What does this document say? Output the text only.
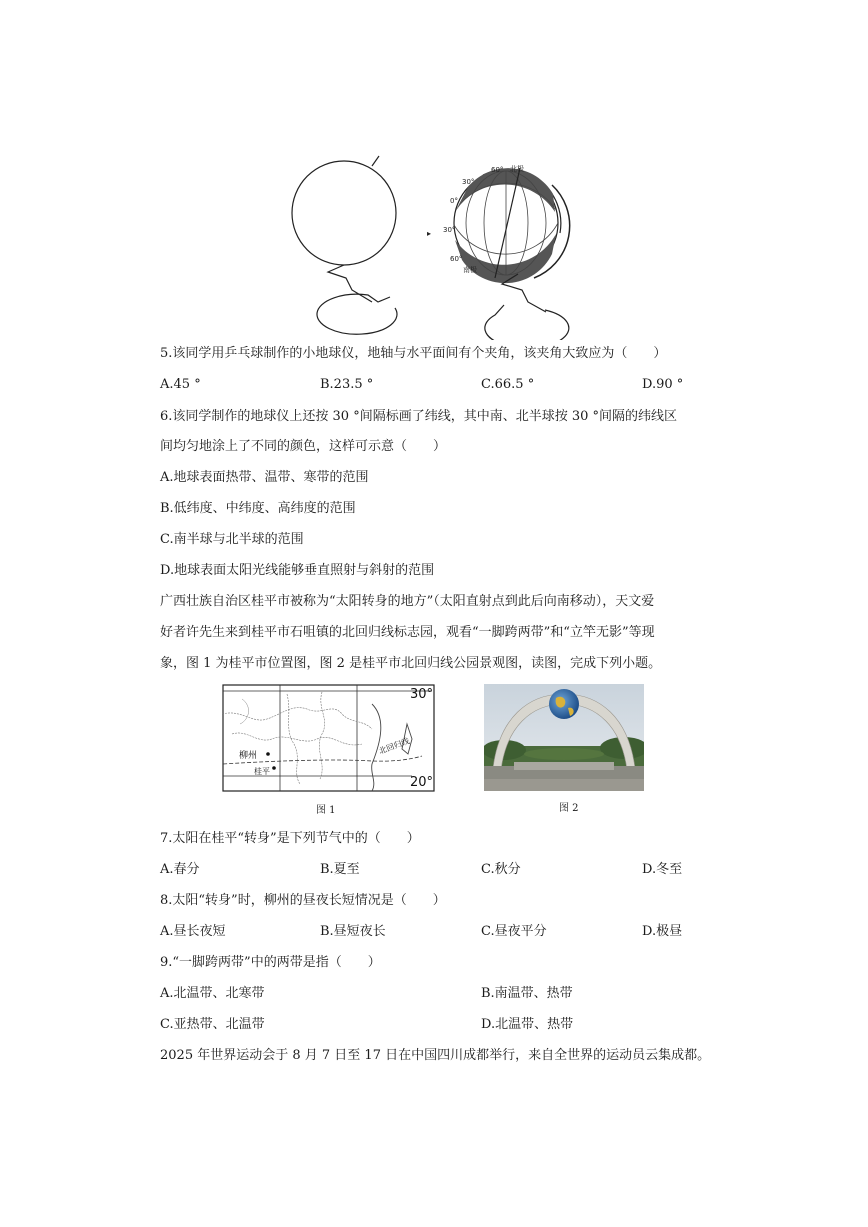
▸
北极
60°
30°
0°
30°
60°
南极
5.该同学用乒乓球制作的小地球仪，地轴与水平面间有个夹角，该夹角大致应为（　　）
A.45 °	B.23.5 °	C.66.5 °	D.90 °
6.该同学制作的地球仪上还按 30 °间隔标画了纬线，其中南、北半球按 30 °间隔的纬线区
间均匀地涂上了不同的颜色，这样可示意（　　）
A.地球表面热带、温带、寒带的范围
B.低纬度、中纬度、高纬度的范围
C.南半球与北半球的范围
D.地球表面太阳光线能够垂直照射与斜射的范围
广西壮族自治区桂平市被称为“太阳转身的地方”（太阳直射点到此后向南移动），天文爱
好者许先生来到桂平市石咀镇的北回归线标志园，观看“一脚跨两带”和“立竿无影”等现
象，图 1 为桂平市位置图，图 2 是桂平市北回归线公园景观图，读图，完成下列小题。
北回归线
柳州
桂平
30°
20°
图 1	图 2
7.太阳在桂平“转身”是下列节气中的（　　）
A.春分	B.夏至	C.秋分	D.冬至
8.太阳“转身”时，柳州的昼夜长短情况是（　　）
A.昼长夜短	B.昼短夜长	C.昼夜平分	D.极昼
9.“一脚跨两带”中的两带是指（　　）
A.北温带、北寒带	B.南温带、热带
C.亚热带、北温带	D.北温带、热带
2025 年世界运动会于 8 月 7 日至 17 日在中国四川成都举行，来自全世界的运动员云集成都。
